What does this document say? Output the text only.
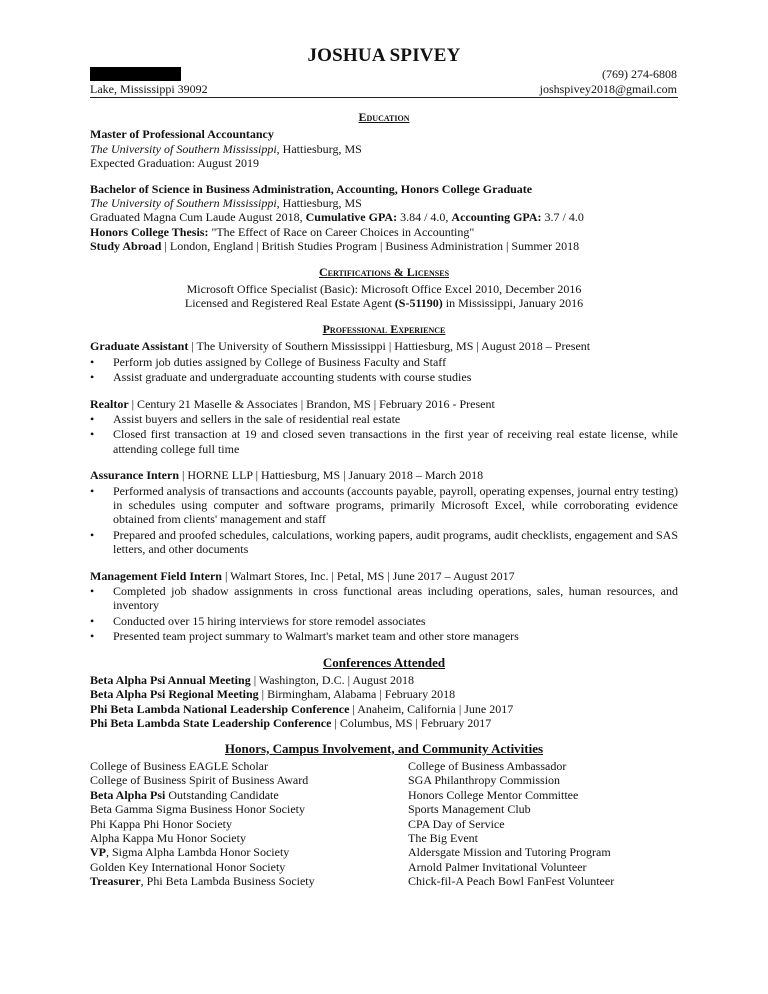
JOSHUA SPIVEY
(769) 274-6808
Lake, Mississippi 39092	joshspivey2018@gmail.com
Education
Master of Professional Accountancy
The University of Southern Mississippi, Hattiesburg, MS
Expected Graduation: August 2019
Bachelor of Science in Business Administration, Accounting, Honors College Graduate
The University of Southern Mississippi, Hattiesburg, MS
Graduated Magna Cum Laude August 2018, Cumulative GPA: 3.84 / 4.0, Accounting GPA: 3.7 / 4.0
Honors College Thesis: "The Effect of Race on Career Choices in Accounting"
Study Abroad | London, England | British Studies Program | Business Administration | Summer 2018
Certifications & Licenses
Microsoft Office Specialist (Basic): Microsoft Office Excel 2010, December 2016
Licensed and Registered Real Estate Agent (S-51190) in Mississippi, January 2016
Professional Experience
Graduate Assistant | The University of Southern Mississippi | Hattiesburg, MS | August 2018 – Present
• Perform job duties assigned by College of Business Faculty and Staff
• Assist graduate and undergraduate accounting students with course studies
Realtor | Century 21 Maselle & Associates | Brandon, MS | February 2016 - Present
• Assist buyers and sellers in the sale of residential real estate
• Closed first transaction at 19 and closed seven transactions in the first year of receiving real estate license, while attending college full time
Assurance Intern | HORNE LLP | Hattiesburg, MS | January 2018 – March 2018
• Performed analysis of transactions and accounts (accounts payable, payroll, operating expenses, journal entry testing) in schedules using computer and software programs, primarily Microsoft Excel, while corroborating evidence obtained from clients' management and staff
• Prepared and proofed schedules, calculations, working papers, audit programs, audit checklists, engagement and SAS letters, and other documents
Management Field Intern | Walmart Stores, Inc. | Petal, MS | June 2017 – August 2017
• Completed job shadow assignments in cross functional areas including operations, sales, human resources, and inventory
• Conducted over 15 hiring interviews for store remodel associates
• Presented team project summary to Walmart's market team and other store managers
Conferences Attended
Beta Alpha Psi Annual Meeting | Washington, D.C. | August 2018
Beta Alpha Psi Regional Meeting | Birmingham, Alabama | February 2018
Phi Beta Lambda National Leadership Conference | Anaheim, California | June 2017
Phi Beta Lambda State Leadership Conference | Columbus, MS | February 2017
Honors, Campus Involvement, and Community Activities
College of Business EAGLE Scholar
College of Business Spirit of Business Award
Beta Alpha Psi Outstanding Candidate
Beta Gamma Sigma Business Honor Society
Phi Kappa Phi Honor Society
Alpha Kappa Mu Honor Society
VP, Sigma Alpha Lambda Honor Society
Golden Key International Honor Society
Treasurer, Phi Beta Lambda Business Society
College of Business Ambassador
SGA Philanthropy Commission
Honors College Mentor Committee
Sports Management Club
CPA Day of Service
The Big Event
Aldersgate Mission and Tutoring Program
Arnold Palmer Invitational Volunteer
Chick-fil-A Peach Bowl FanFest Volunteer
